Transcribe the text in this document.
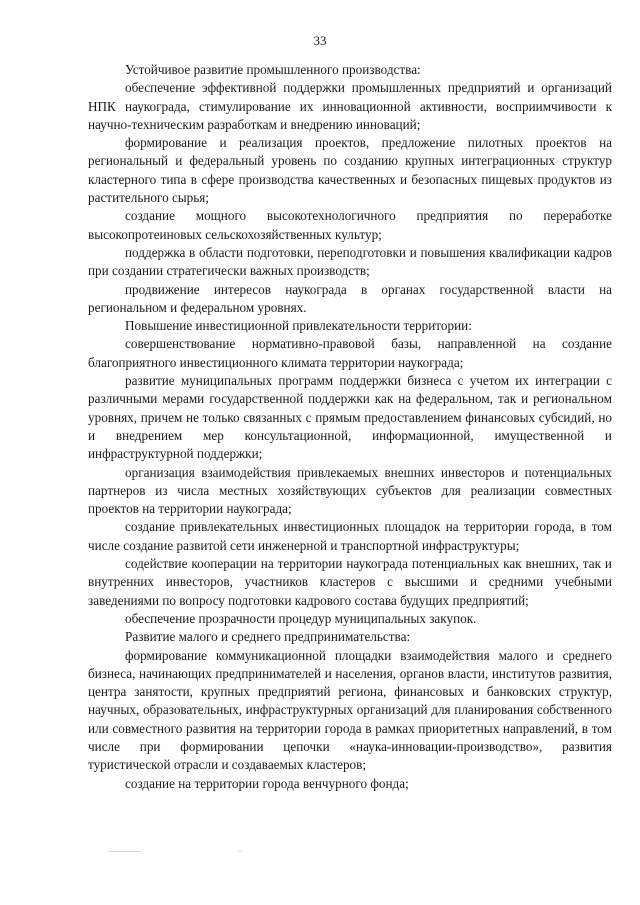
33

Устойчивое развитие промышленного производства:

обеспечение эффективной поддержки промышленных предприятий и организаций НПК наукограда, стимулирование их инновационной активности, восприимчивости к научно-техническим разработкам и внедрению инноваций;

формирование и реализация проектов, предложение пилотных проектов на региональный и федеральный уровень по созданию крупных интеграционных структур кластерного типа в сфере производства качественных и безопасных пищевых продуктов из растительного сырья;

создание мощного высокотехнологичного предприятия по переработке высокопротеиновых сельскохозяйственных культур;

поддержка в области подготовки, переподготовки и повышения квалификации кадров при создании стратегически важных производств;

продвижение интересов наукограда в органах государственной власти на региональном и федеральном уровнях.

Повышение инвестиционной привлекательности территории:

совершенствование нормативно-правовой базы, направленной на создание благоприятного инвестиционного климата территории наукограда;

развитие муниципальных программ поддержки бизнеса с учетом их интеграции с различными мерами государственной поддержки как на федеральном, так и региональном уровнях, причем не только связанных с прямым предоставлением финансовых субсидий, но и внедрением мер консультационной, информационной, имущественной и инфраструктурной поддержки;

организация взаимодействия привлекаемых внешних инвесторов и потенциальных партнеров из числа местных хозяйствующих субъектов для реализации совместных проектов на территории наукограда;

создание привлекательных инвестиционных площадок на территории города, в том числе создание развитой сети инженерной и транспортной инфраструктуры;

содействие кооперации на территории наукограда потенциальных как внешних, так и внутренних инвесторов, участников кластеров с высшими и средними учебными заведениями по вопросу подготовки кадрового состава будущих предприятий;

обеспечение прозрачности процедур муниципальных закупок.

Развитие малого и среднего предпринимательства:

формирование коммуникационной площадки взаимодействия малого и среднего бизнеса, начинающих предпринимателей и населения, органов власти, институтов развития, центра занятости, крупных предприятий региона, финансовых и банковских структур, научных, образовательных, инфраструктурных организаций для планирования собственного или совместного развития на территории города в рамках приоритетных направлений, в том числе при формировании цепочки «наука-инновации-производство», развития туристической отрасли и создаваемых кластеров;

создание на территории города венчурного фонда;
